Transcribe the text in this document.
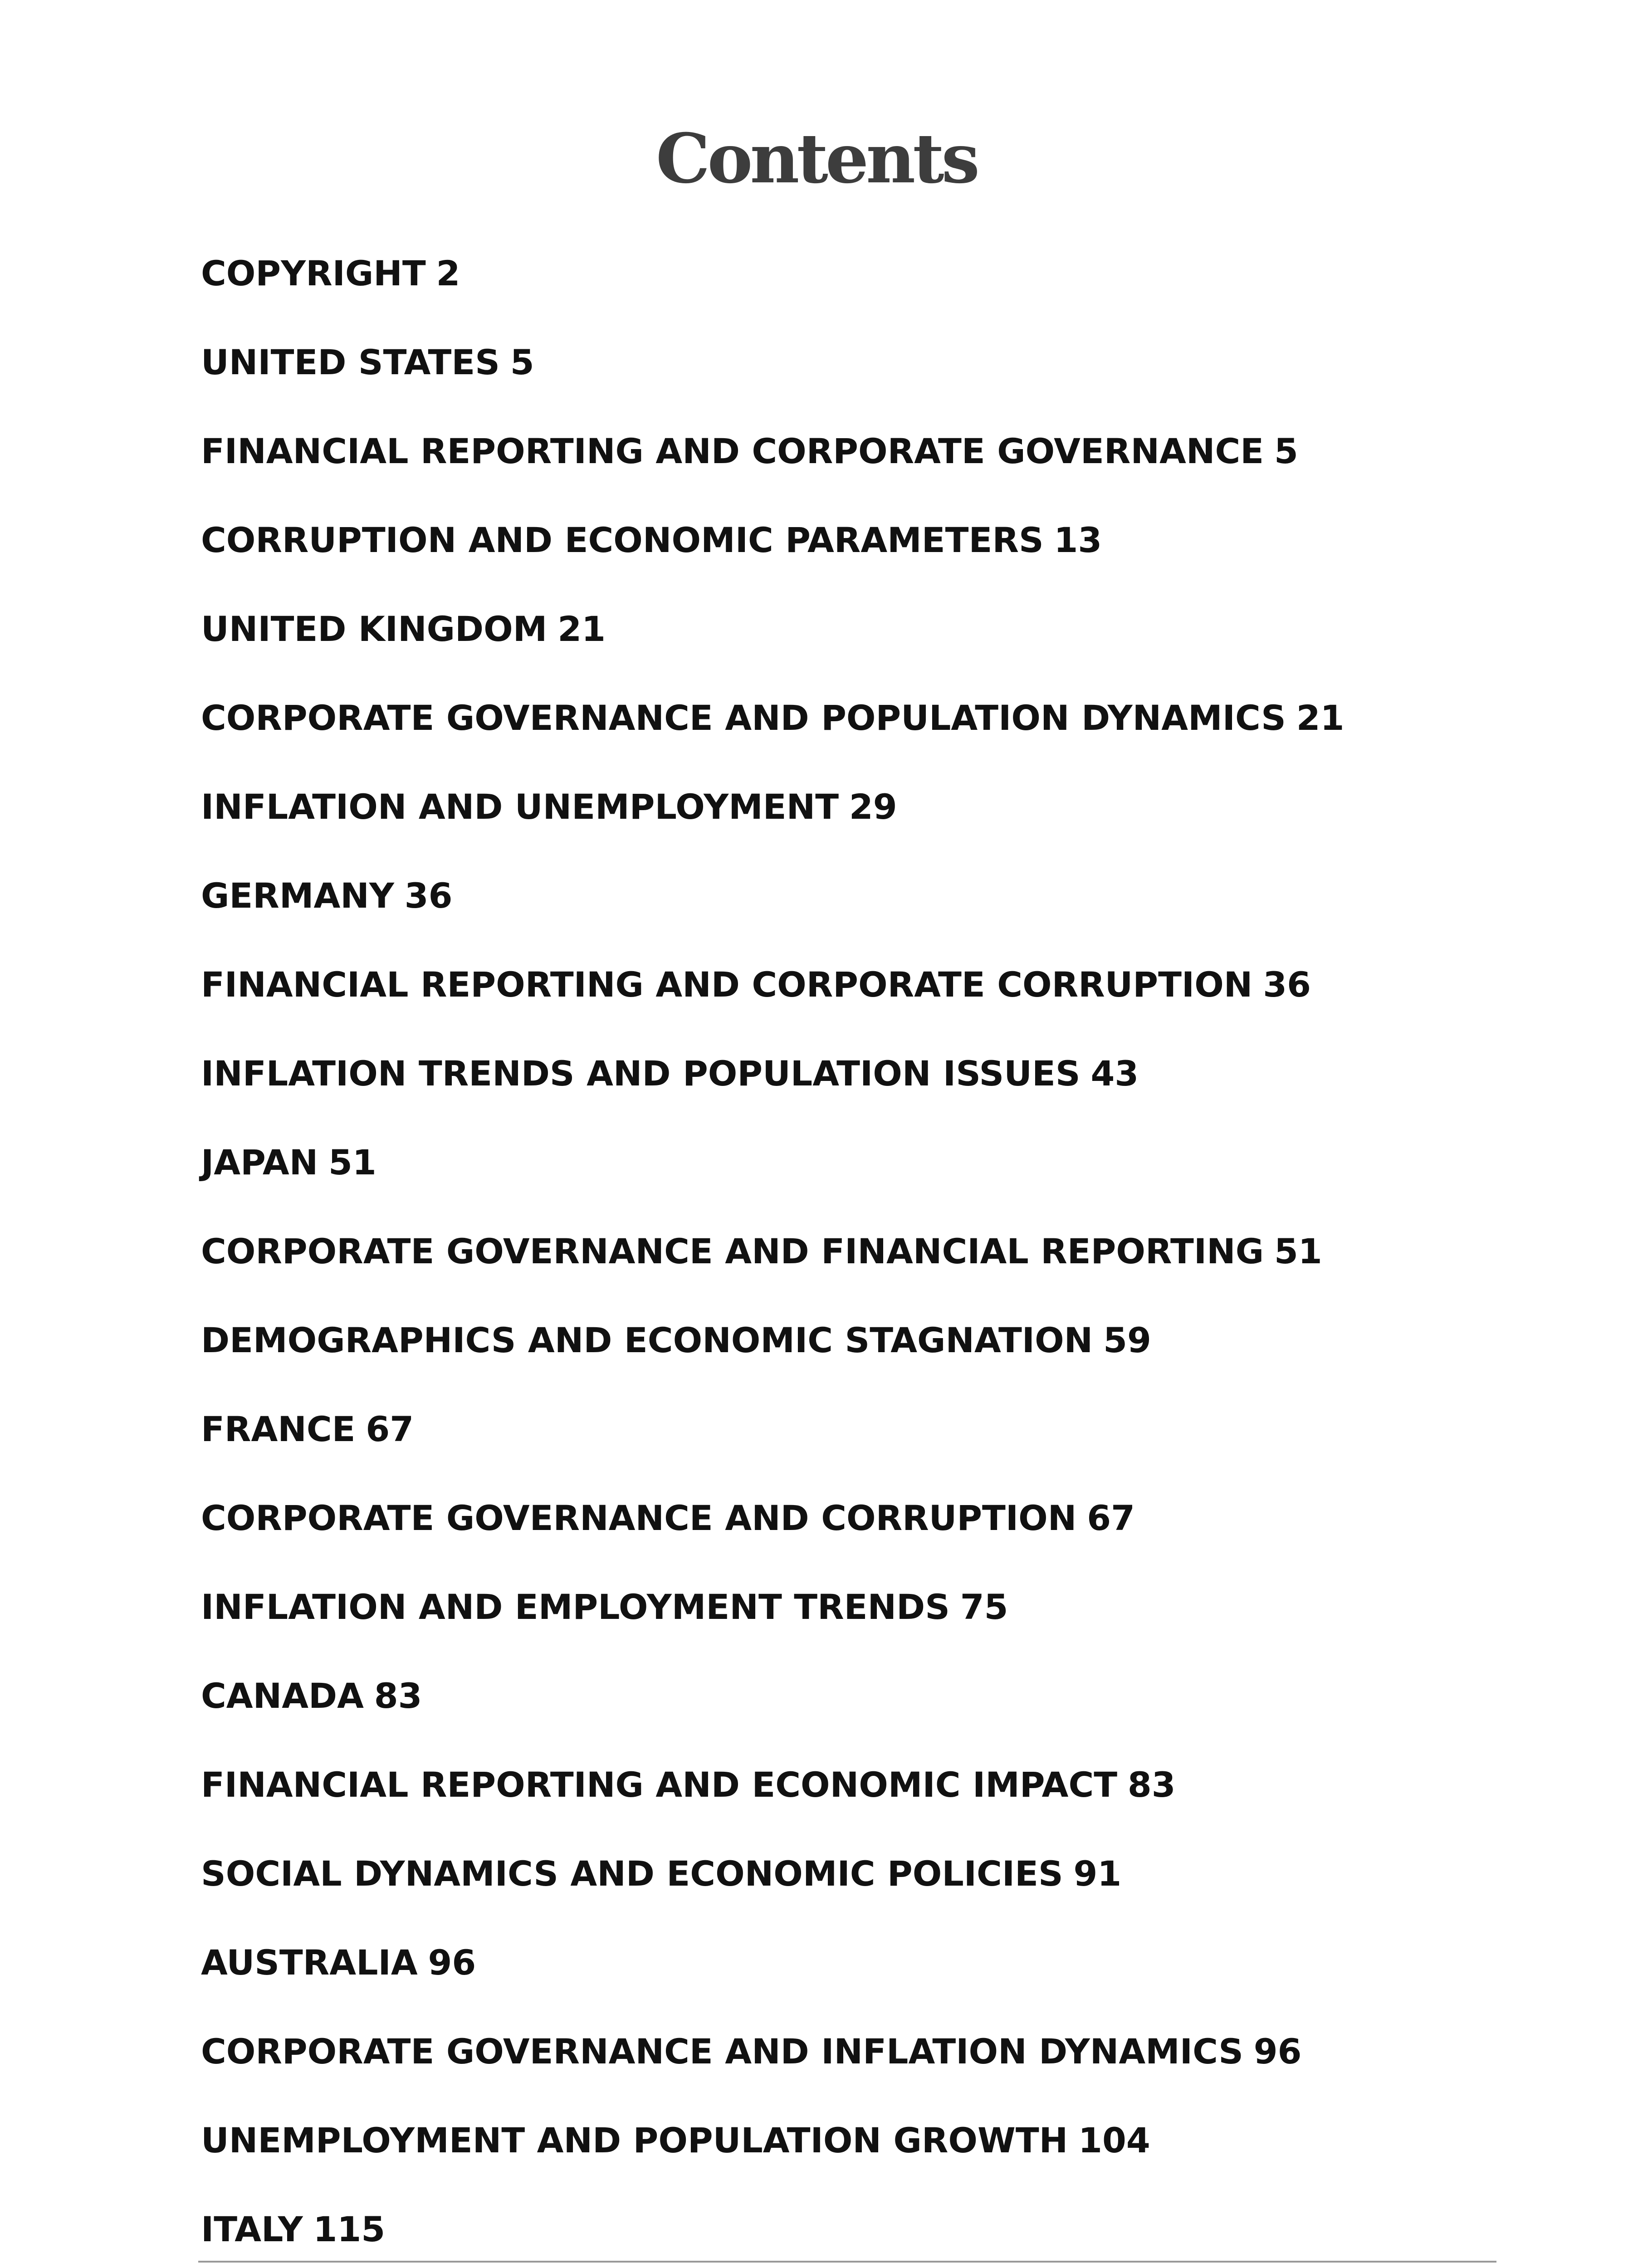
Contents
COPYRIGHT 2
UNITED STATES 5
FINANCIAL REPORTING AND CORPORATE GOVERNANCE 5
CORRUPTION AND ECONOMIC PARAMETERS 13
UNITED KINGDOM 21
CORPORATE GOVERNANCE AND POPULATION DYNAMICS 21
INFLATION AND UNEMPLOYMENT 29
GERMANY 36
FINANCIAL REPORTING AND CORPORATE CORRUPTION 36
INFLATION TRENDS AND POPULATION ISSUES 43
JAPAN 51
CORPORATE GOVERNANCE AND FINANCIAL REPORTING 51
DEMOGRAPHICS AND ECONOMIC STAGNATION 59
FRANCE 67
CORPORATE GOVERNANCE AND CORRUPTION 67
INFLATION AND EMPLOYMENT TRENDS 75
CANADA 83
FINANCIAL REPORTING AND ECONOMIC IMPACT 83
SOCIAL DYNAMICS AND ECONOMIC POLICIES 91
AUSTRALIA 96
CORPORATE GOVERNANCE AND INFLATION DYNAMICS 96
UNEMPLOYMENT AND POPULATION GROWTH 104
ITALY 115
